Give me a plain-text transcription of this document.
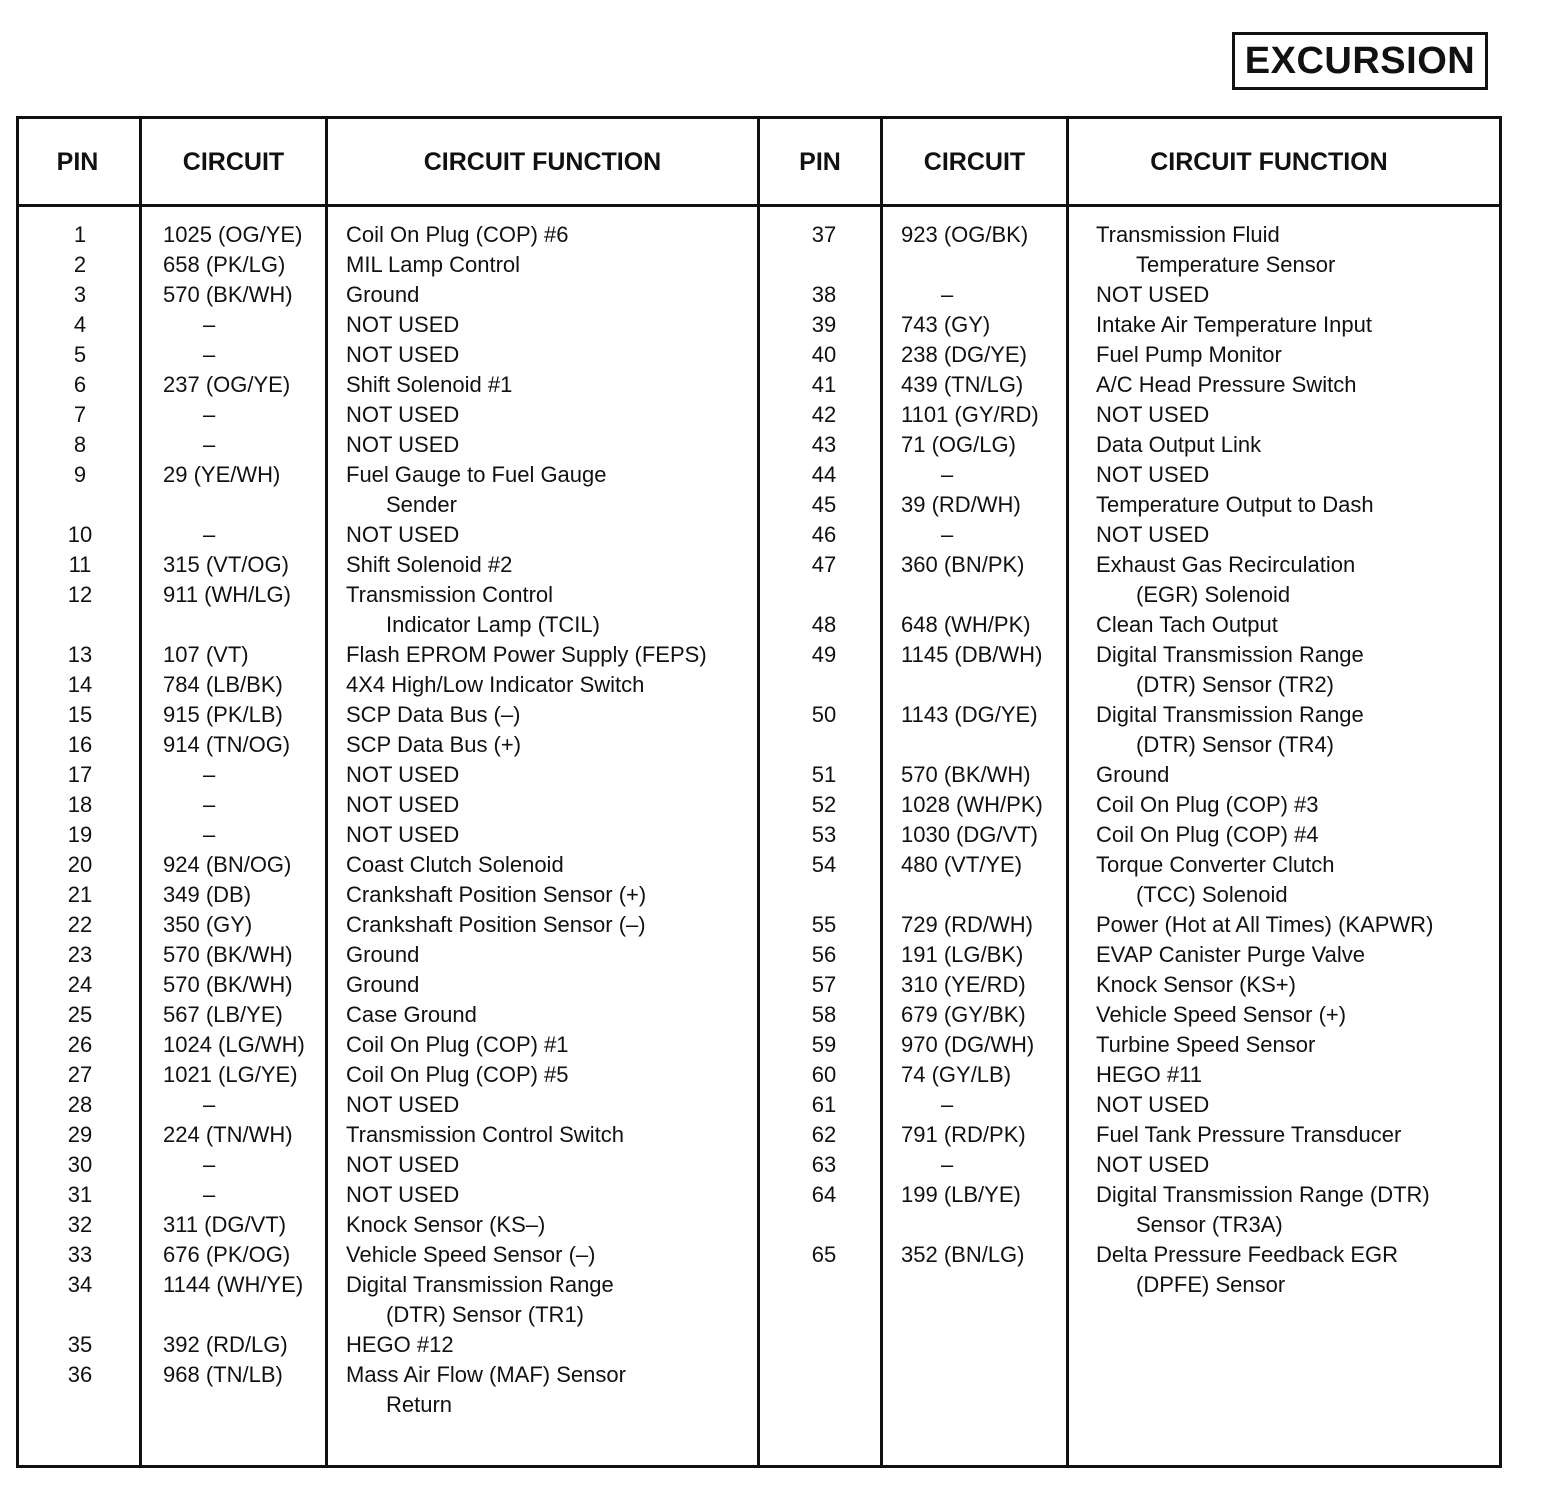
EXCURSION
PIN	CIRCUIT	CIRCUIT FUNCTION	PIN	CIRCUIT	CIRCUIT FUNCTION
1	1025 (OG/YE) Coil On Plug (COP) #6
2	658 (PK/LG)	MIL Lamp Control
3	570 (BK/WH) Ground
4	–	NOT USED
5	–	NOT USED
6	237 (OG/YE)	Shift Solenoid #1
7	–	NOT USED
8	–	NOT USED
9	29 (YE/WH)	Fuel Gauge to Fuel Gauge
Sender
10	–	NOT USED
11	315 (VT/OG)	Shift Solenoid #2
12	911 (WH/LG)	Transmission Control
Indicator Lamp (TCIL)
13	107 (VT)	Flash EPROM Power Supply (FEPS)
14	784 (LB/BK)	4X4 High/Low Indicator Switch
15	915 (PK/LB)	SCP Data Bus (–)
16	914 (TN/OG)	SCP Data Bus (+)
17	–	NOT USED
18	–	NOT USED
19	–	NOT USED
20	924 (BN/OG) Coast Clutch Solenoid
21	349 (DB)	Crankshaft Position Sensor (+)
22	350 (GY)	Crankshaft Position Sensor (–)
23	570 (BK/WH) Ground
24	570 (BK/WH) Ground
25	567 (LB/YE)	Case Ground
26	1024 (LG/WH) Coil On Plug (COP) #1
27	1021 (LG/YE) Coil On Plug (COP) #5
28	–	NOT USED
29	224 (TN/WH) Transmission Control Switch
30	–	NOT USED
31	–	NOT USED
32	311 (DG/VT)	Knock Sensor (KS–)
33	676 (PK/OG)	Vehicle Speed Sensor (–)
34	1144 (WH/YE) Digital Transmission Range
(DTR) Sensor (TR1)
35	392 (RD/LG)	HEGO #12
36	968 (TN/LB)	Mass Air Flow (MAF) Sensor
Return
37	923 (OG/BK)	Transmission Fluid
Temperature Sensor
38	–	NOT USED
39	743 (GY)	Intake Air Temperature Input
40	238 (DG/YE)	Fuel Pump Monitor
41	439 (TN/LG)	A/C Head Pressure Switch
42	1101 (GY/RD)	NOT USED
43	71 (OG/LG)	Data Output Link
44	–	NOT USED
45	39 (RD/WH)	Temperature Output to Dash
46	–	NOT USED
47	360 (BN/PK)	Exhaust Gas Recirculation
(EGR) Solenoid
48	648 (WH/PK)	Clean Tach Output
49	1145 (DB/WH) Digital Transmission Range
(DTR) Sensor (TR2)
50	1143 (DG/YE)	Digital Transmission Range
(DTR) Sensor (TR4)
51	570 (BK/WH)	Ground
52	1028 (WH/PK) Coil On Plug (COP) #3
53	1030 (DG/VT)	Coil On Plug (COP) #4
54	480 (VT/YE)	Torque Converter Clutch
(TCC) Solenoid
55	729 (RD/WH)	Power (Hot at All Times) (KAPWR)
56	191 (LG/BK)	EVAP Canister Purge Valve
57	310 (YE/RD)	Knock Sensor (KS+)
58	679 (GY/BK)	Vehicle Speed Sensor (+)
59	970 (DG/WH)	Turbine Speed Sensor
60	74 (GY/LB)	HEGO #11
61	–	NOT USED
62	791 (RD/PK)	Fuel Tank Pressure Transducer
63	–	NOT USED
64	199 (LB/YE)	Digital Transmission Range (DTR)
Sensor (TR3A)
65	352 (BN/LG)	Delta Pressure Feedback EGR
(DPFE) Sensor
